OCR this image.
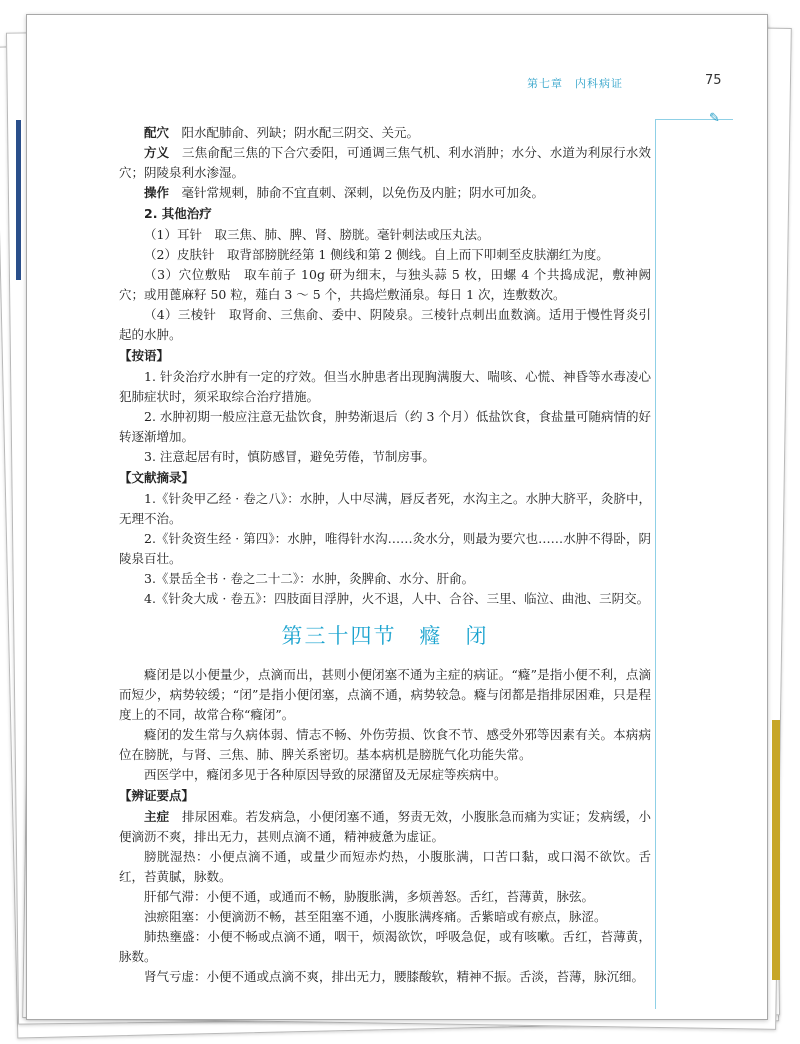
第七章　内科病证	75
✎

配穴　 阳水配肺俞、列缺；阴水配三阴交、关元。

方义　 三焦俞配三焦的下合穴委阳，可通调三焦气机、利水消肿；水分、水道为利尿行水效穴；阴陵泉利水渗湿。

操作　 毫针常规刺，肺俞不宜直刺、深刺，以免伤及内脏；阴水可加灸。

2. 其他治疗

（1）耳针　取三焦、肺、脾、肾、膀胱。毫针刺法或压丸法。

（2）皮肤针　取背部膀胱经第 1 侧线和第 2 侧线。自上而下叩刺至皮肤潮红为度。

（3）穴位敷贴　取车前子 10g 研为细末，与独头蒜 5 枚，田螺 4 个共捣成泥，敷神阙穴；或用蓖麻籽 50 粒，薤白 3 ～ 5 个，共捣烂敷涌泉。每日 1 次，连敷数次。

（4）三棱针　取肾俞、三焦俞、委中、阴陵泉。三棱针点刺出血数滴。适用于慢性肾炎引起的水肿。

【按语】

1. 针灸治疗水肿有一定的疗效。但当水肿患者出现胸满腹大、喘咳、心慌、神昏等水毒凌心犯肺症状时，须采取综合治疗措施。

2. 水肿初期一般应注意无盐饮食，肿势渐退后（约 3 个月）低盐饮食，食盐量可随病情的好转逐渐增加。

3. 注意起居有时，慎防感冒，避免劳倦，节制房事。

【文献摘录】

1.《针灸甲乙经 · 卷之八》：水肿，人中尽满，唇反者死，水沟主之。水肿大脐平，灸脐中，无理不治。

2.《针灸资生经 · 第四》：水肿，唯得针水沟……灸水分，则最为要穴也……水肿不得卧，阴陵泉百壮。

3.《景岳全书 · 卷之二十二》：水肿，灸脾俞、水分、肝俞。

4.《针灸大成 · 卷五》：四肢面目浮肿，火不退，人中、合谷、三里、临泣、曲池、三阴交。

第三十四节　癃　闭

癃闭是以小便量少，点滴而出，甚则小便闭塞不通为主症的病证。“癃”是指小便不利，点滴而短少，病势较缓；“闭”是指小便闭塞，点滴不通，病势较急。癃与闭都是指排尿困难，只是程度上的不同，故常合称“癃闭”。

癃闭的发生常与久病体弱、情志不畅、外伤劳损、饮食不节、感受外邪等因素有关。本病病位在膀胱，与肾、三焦、肺、脾关系密切。基本病机是膀胱气化功能失常。

西医学中，癃闭多见于各种原因导致的尿潴留及无尿症等疾病中。

【辨证要点】

主症　 排尿困难。若发病急，小便闭塞不通，努责无效，小腹胀急而痛为实证；发病缓，小便滴沥不爽，排出无力，甚则点滴不通，精神疲惫为虚证。

膀胱湿热：小便点滴不通，或量少而短赤灼热，小腹胀满，口苦口黏，或口渴不欲饮。舌红，苔黄腻，脉数。

肝郁气滞：小便不通，或通而不畅，胁腹胀满，多烦善怒。舌红，苔薄黄，脉弦。

浊瘀阻塞：小便滴沥不畅，甚至阻塞不通，小腹胀满疼痛。舌紫暗或有瘀点，脉涩。

肺热壅盛：小便不畅或点滴不通，咽干，烦渴欲饮，呼吸急促，或有咳嗽。舌红，苔薄黄，脉数。

肾气亏虚：小便不通或点滴不爽，排出无力，腰膝酸软，精神不振。舌淡，苔薄，脉沉细。
